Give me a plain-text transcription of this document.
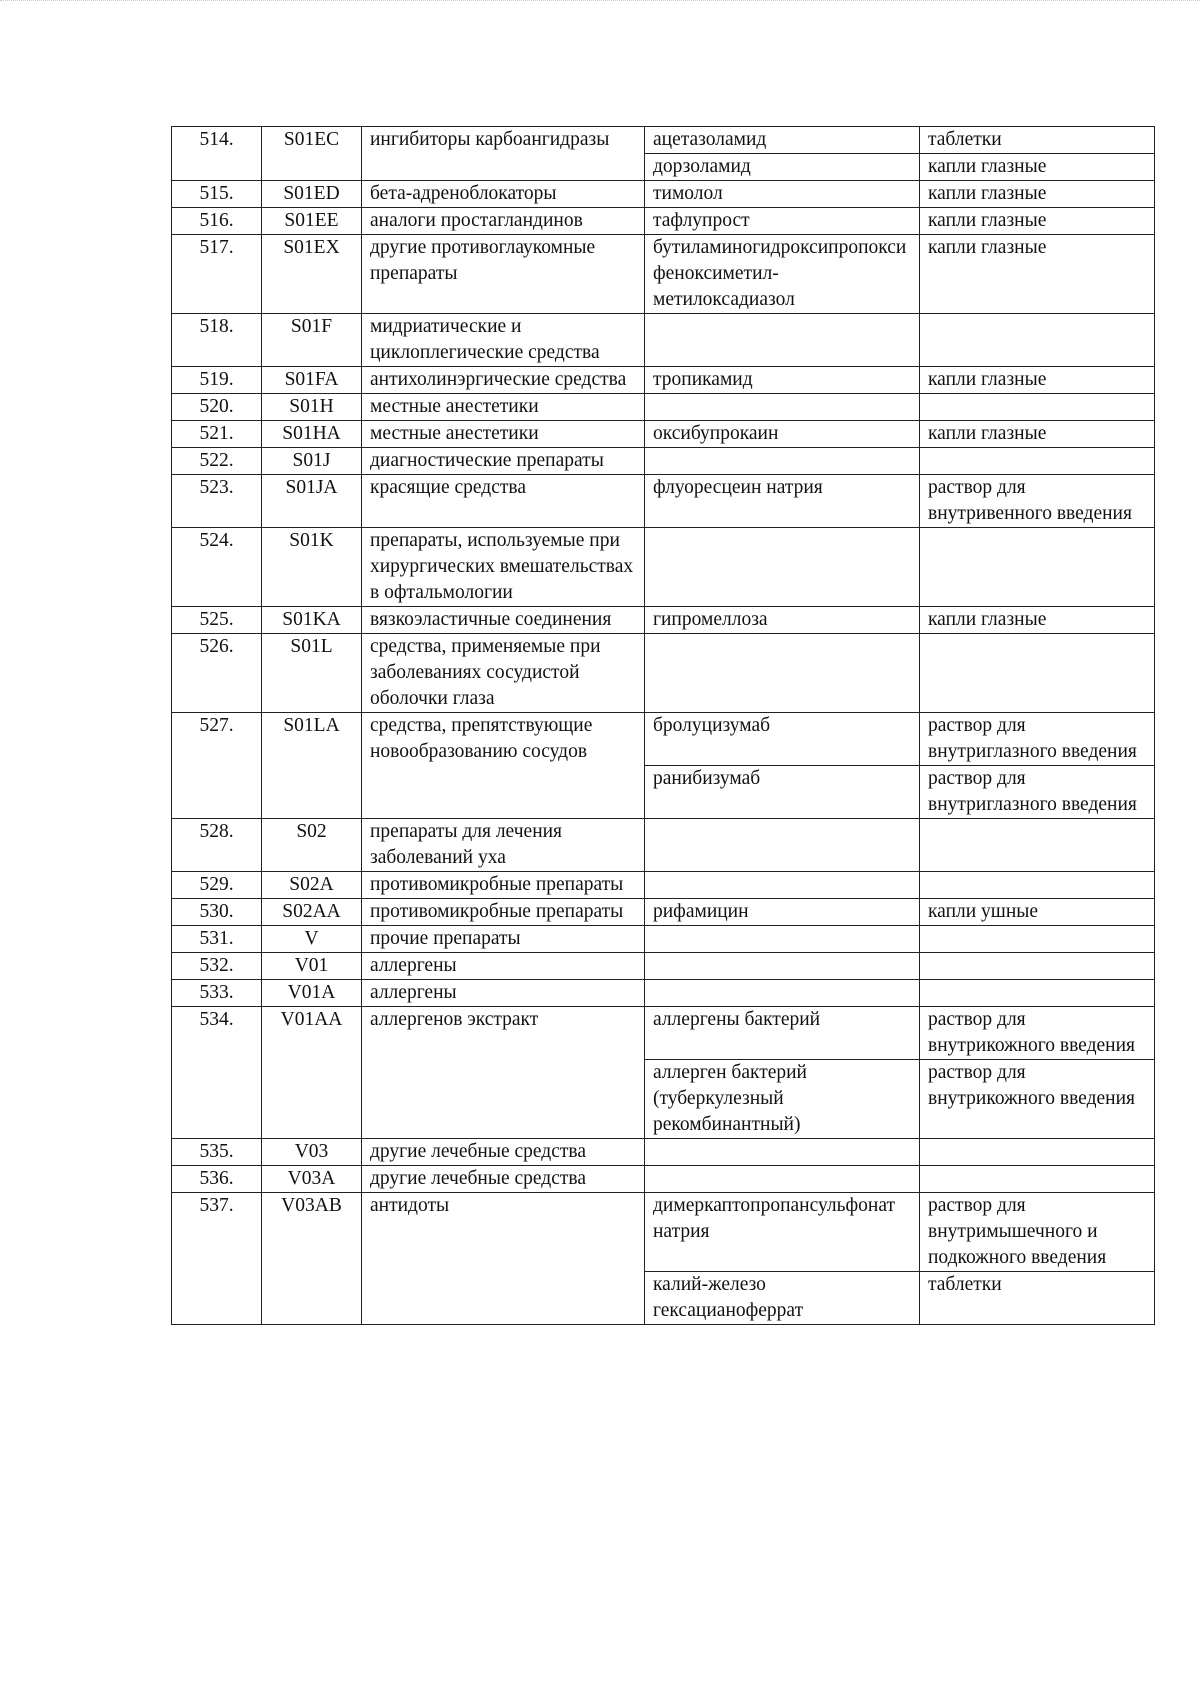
514.	S01EC	ингибиторы карбоангидразы	ацетазоламид	таблетки
			дорзоламид	капли глазные
515.	S01ED	бета-адреноблокаторы	тимолол	капли глазные
516.	S01EE	аналоги простагландинов	тафлупрост	капли глазные
517.	S01EX	другие противоглаукомные препараты	бутиламиногидроксипропоксифеноксиметил-метилоксадиазол	капли глазные
518.	S01F	мидриатические и циклоплегические средства		
519.	S01FA	антихолинэргические средства	тропикамид	капли глазные
520.	S01H	местные анестетики		
521.	S01HA	местные анестетики	оксибупрокаин	капли глазные
522.	S01J	диагностические препараты		
523.	S01JA	красящие средства	флуоресцеин натрия	раствор для внутривенного введения
524.	S01K	препараты, используемые при хирургических вмешательствах в офтальмологии		
525.	S01KA	вязкоэластичные соединения	гипромеллоза	капли глазные
526.	S01L	средства, применяемые при заболеваниях сосудистой оболочки глаза		
527.	S01LA	средства, препятствующие новообразованию сосудов	бролуцизумаб	раствор для внутриглазного введения
			ранибизумаб	раствор для внутриглазного введения
528.	S02	препараты для лечения заболеваний уха		
529.	S02A	противомикробные препараты		
530.	S02AA	противомикробные препараты	рифамицин	капли ушные
531.	V	прочие препараты		
532.	V01	аллергены		
533.	V01A	аллергены		
534.	V01AA	аллергенов экстракт	аллергены бактерий	раствор для внутрикожного введения
			аллерген бактерий (туберкулезный рекомбинантный)	раствор для внутрикожного введения
535.	V03	другие лечебные средства		
536.	V03A	другие лечебные средства		
537.	V03AB	антидоты	димеркаптопропансульфонат натрия	раствор для внутримышечного и подкожного введения
			калий-железо гексацианоферрат	таблетки
